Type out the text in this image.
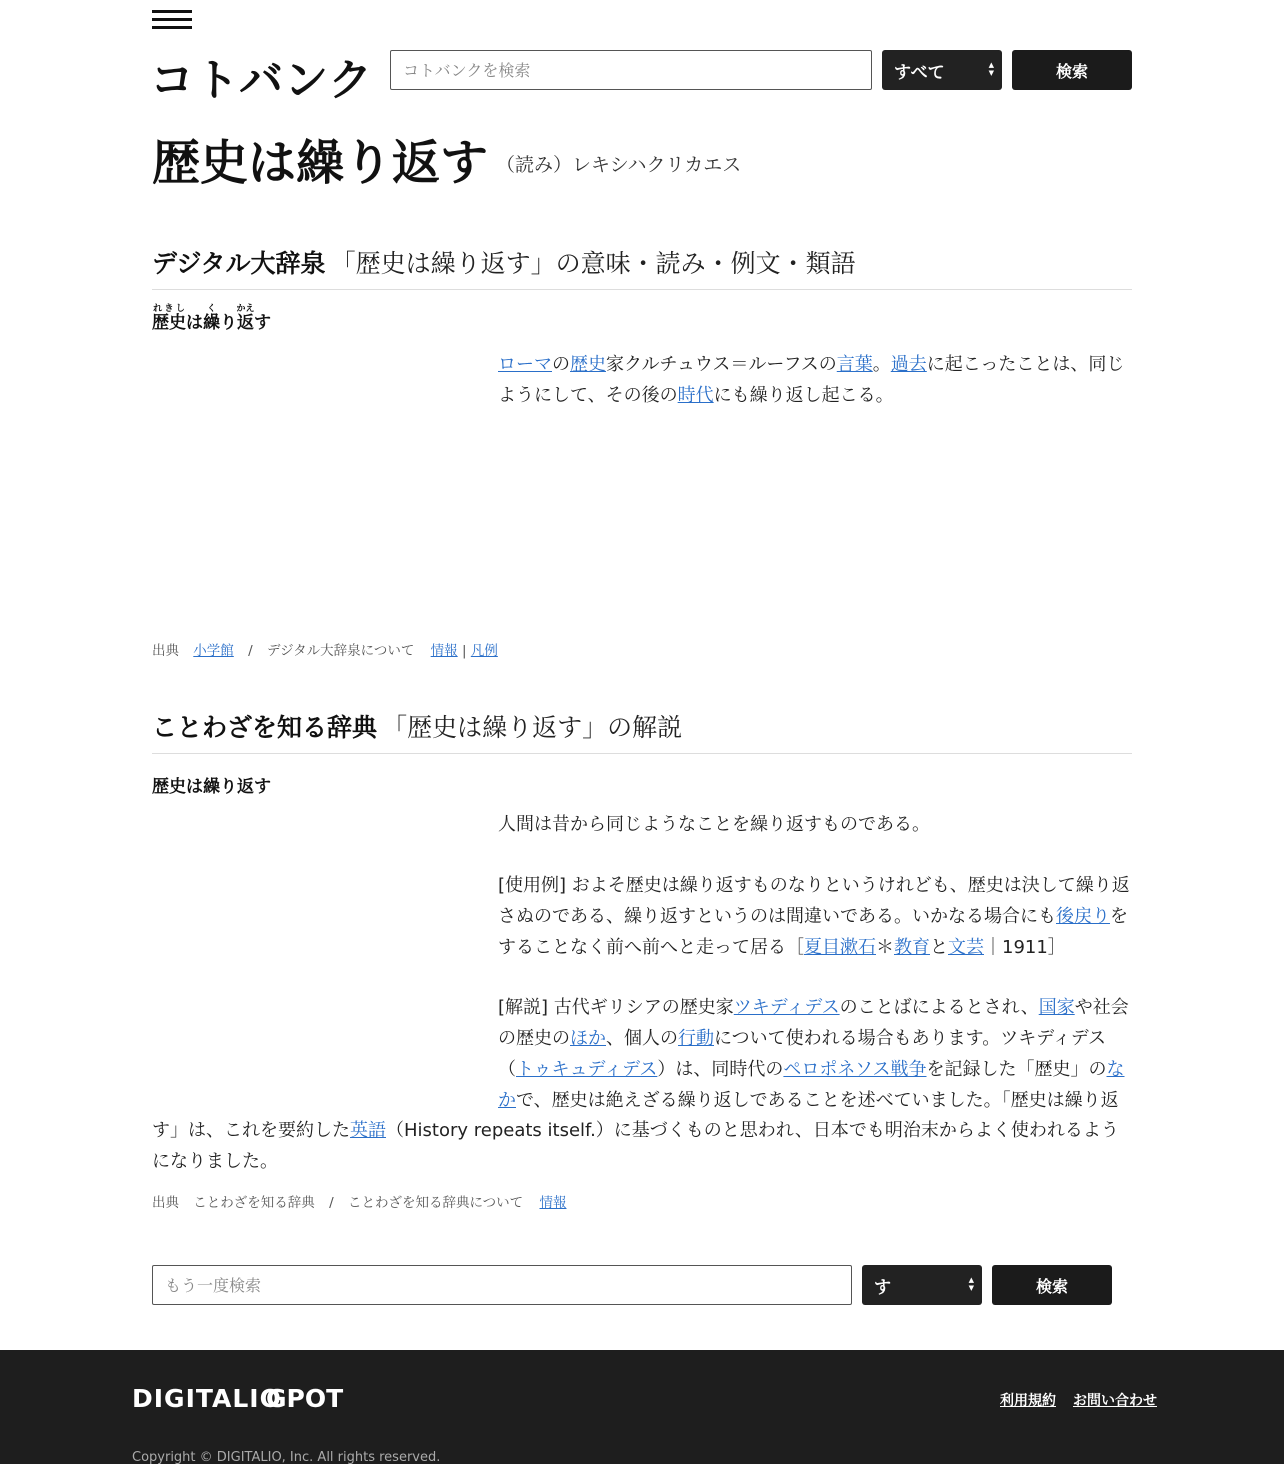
コトバンク
コトバンクを検索	すべて	▲
▼	検索
歴史は繰り返す （読み）レキシハクリカエス
デジタル大辞泉 「歴史は繰り返す」の意味・読み・例文・類語
歴史れきしは繰くり返かえす
ローマの歴史家クルチュウス＝ルーフスの言葉。過去に起こったことは、同じようにして、その後の時代にも繰り返し起こる。
出典 小学館 / デジタル大辞泉について 情報 | 凡例
ことわざを知る辞典 「歴史は繰り返す」の解説
歴史は繰り返す
人間は昔から同じようなことを繰り返すものである。
[使用例] およそ歴史は繰り返すものなりというけれども、歴史は決して繰り返さぬのである、繰り返すというのは間違いである。いかなる場合にも後戻りをすることなく前へ前へと走って居る［夏目漱石＊教育と文芸｜1911］
[解説] 古代ギリシアの歴史家ツキディデスのことばによるとされ、国家や社会の歴史のほか、個人の行動について使われる場合もあります。ツキディデス（トゥキュディデス）は、同時代のペロポネソス戦争を記録した「歴史」のなかで、歴史は絶えざる繰り返しであることを述べていました。「歴史は繰り返
す」は、これを要約した英語（History repeats itself.）に基づくものと思われ、日本でも明治末からよく使われるようになりました。
出典 ことわざを知る辞典 / ことわざを知る辞典について 情報
もう一度検索
す	▲
▼	検索
DIGITALIO
GPOT	利用規約 お問い合わせ
Copyright © DIGITALIO, Inc. All rights reserved.
